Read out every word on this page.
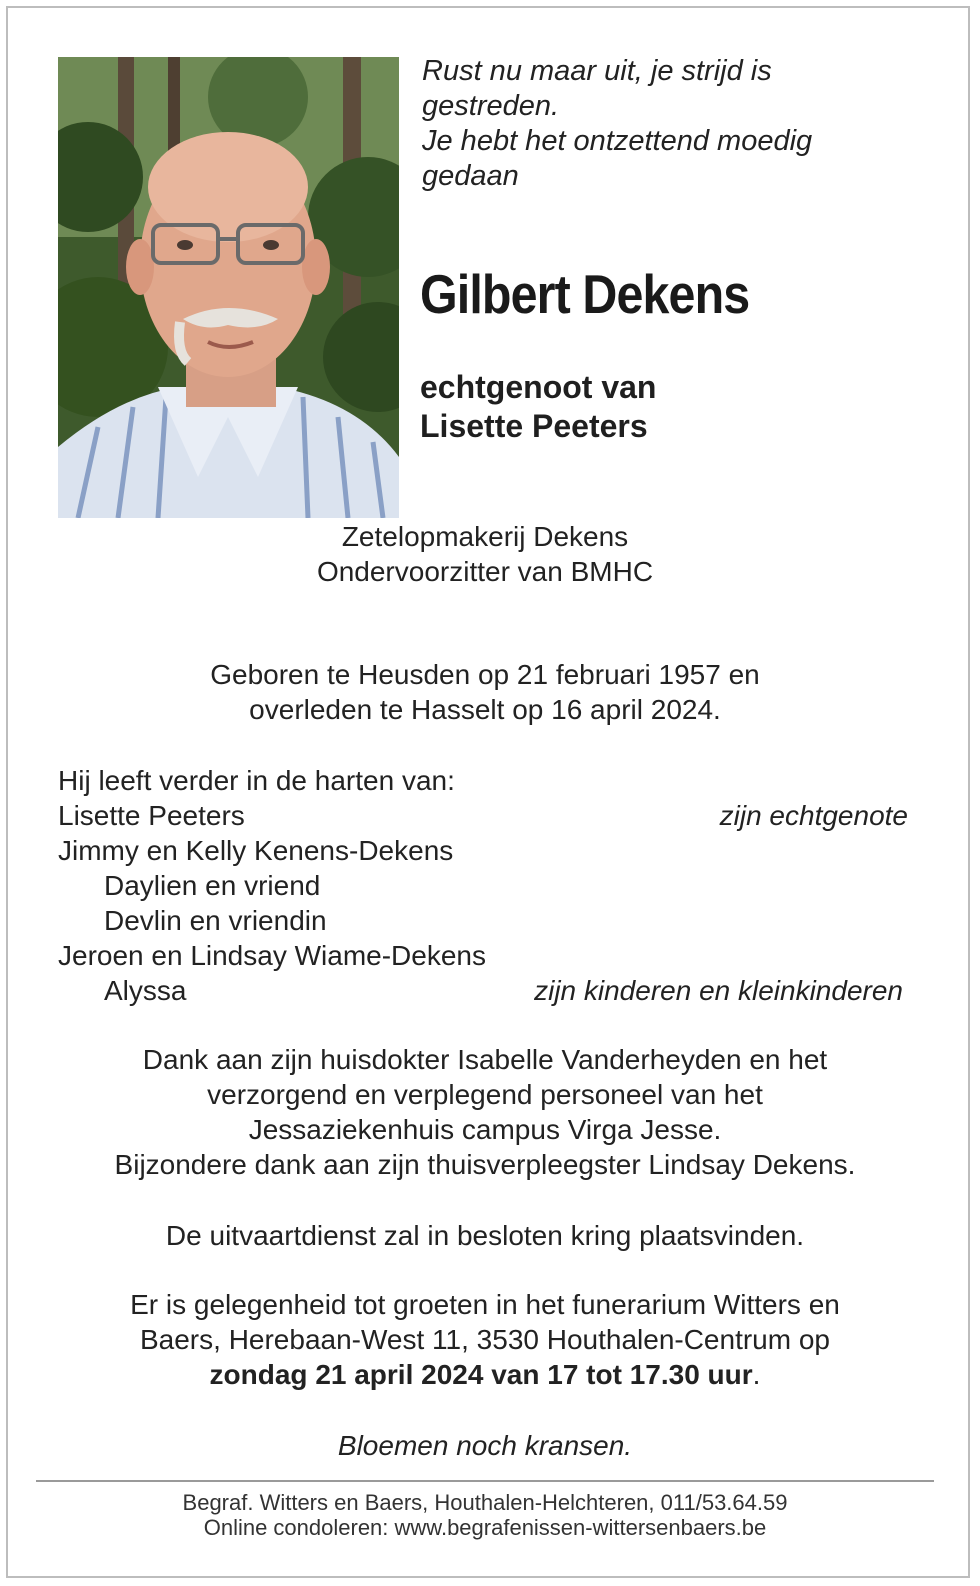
Rust nu maar uit, je strijd is
gestreden.
Je hebt het ontzettend moedig
gedaan
Gilbert Dekens
echtgenoot van
Lisette Peeters
Zetelopmakerij Dekens
Ondervoorzitter van BMHC
Geboren te Heusden op 21 februari 1957 en
overleden te Hasselt op 16 april 2024.
Hij leeft verder in de harten van:
Lisette Peeters	zijn echtgenote
Jimmy en Kelly Kenens-Dekens
Daylien en vriend
Devlin en vriendin
Jeroen en Lindsay Wiame-Dekens
Alyssa	zijn kinderen en kleinkinderen
Dank aan zijn huisdokter Isabelle Vanderheyden en het
verzorgend en verplegend personeel van het
Jessaziekenhuis campus Virga Jesse.
Bijzondere dank aan zijn thuisverpleegster Lindsay Dekens.
De uitvaartdienst zal in besloten kring plaatsvinden.
Er is gelegenheid tot groeten in het funerarium Witters en
Baers, Herebaan-West 11, 3530 Houthalen-Centrum op
zondag 21 april 2024 van 17 tot 17.30 uur.
Bloemen noch kransen.
Begraf. Witters en Baers, Houthalen-Helchteren, 011/53.64.59
Online condoleren: www.begrafenissen-wittersenbaers.be
